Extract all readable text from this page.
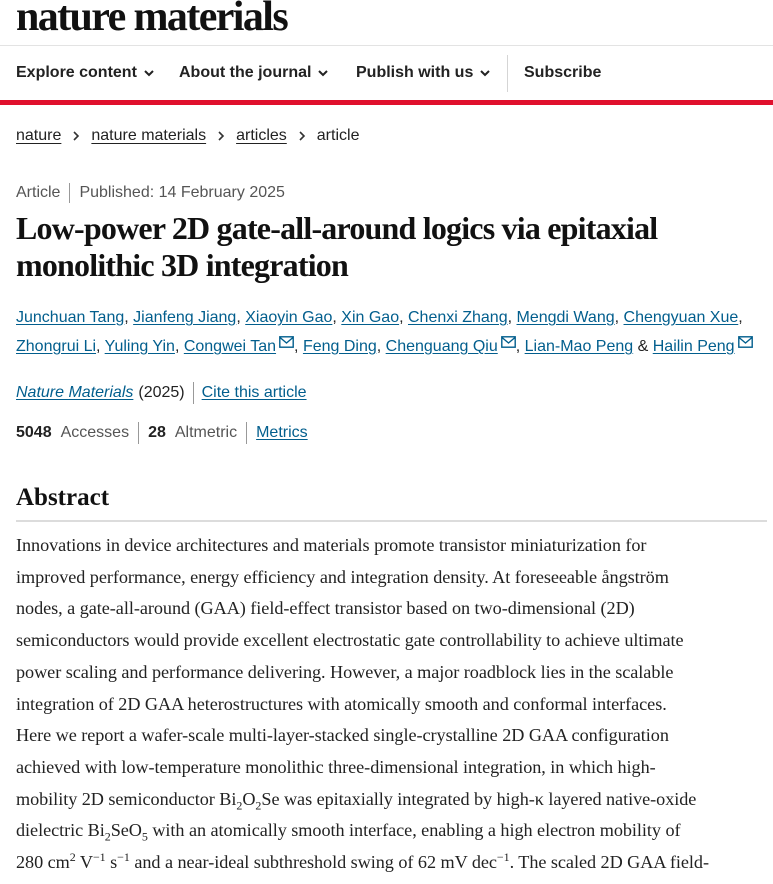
nature materials
Explore content	About the journal	Publish with us	Subscribe
nature nature materials articles article
Article Published: 14 February 2025
Low-power 2D gate-all-around logics via epitaxial monolithic 3D integration
Junchuan Tang, Jianfeng Jiang, Xiaoyin Gao, Xin Gao, Chenxi Zhang, Mengdi Wang, Chengyuan Xue,
Zhongrui Li, Yuling Yin, Congwei Tan , Feng Ding, Chenguang Qiu , Lian-Mao Peng & Hailin Peng
Nature Materials (2025) Cite this article
5048 Accesses 28 Altmetric Metrics
Abstract

Innovations in device architectures and materials promote transistor miniaturization for
improved performance, energy efficiency and integration density. At foreseeable ångström
nodes, a gate-all-around (GAA) field-effect transistor based on two-dimensional (2D)
semiconductors would provide excellent electrostatic gate controllability to achieve ultimate
power scaling and performance delivering. However, a major roadblock lies in the scalable
integration of 2D GAA heterostructures with atomically smooth and conformal interfaces.
Here we report a wafer-scale multi-layer-stacked single-crystalline 2D GAA configuration
achieved with low-temperature monolithic three-dimensional integration, in which high-
mobility 2D semiconductor $Bi_2O_2Se$ was epitaxially integrated by high-κ layered native-oxide
dielectric $Bi_2SeO_5$ with an atomically smooth interface, enabling a high electron mobility of
280 $cm^2$ $V^{-1}$ $s^{-1}$ and a near-ideal subthreshold swing of 62 mV dec$^{-1}$. The scaled 2D GAA field-
